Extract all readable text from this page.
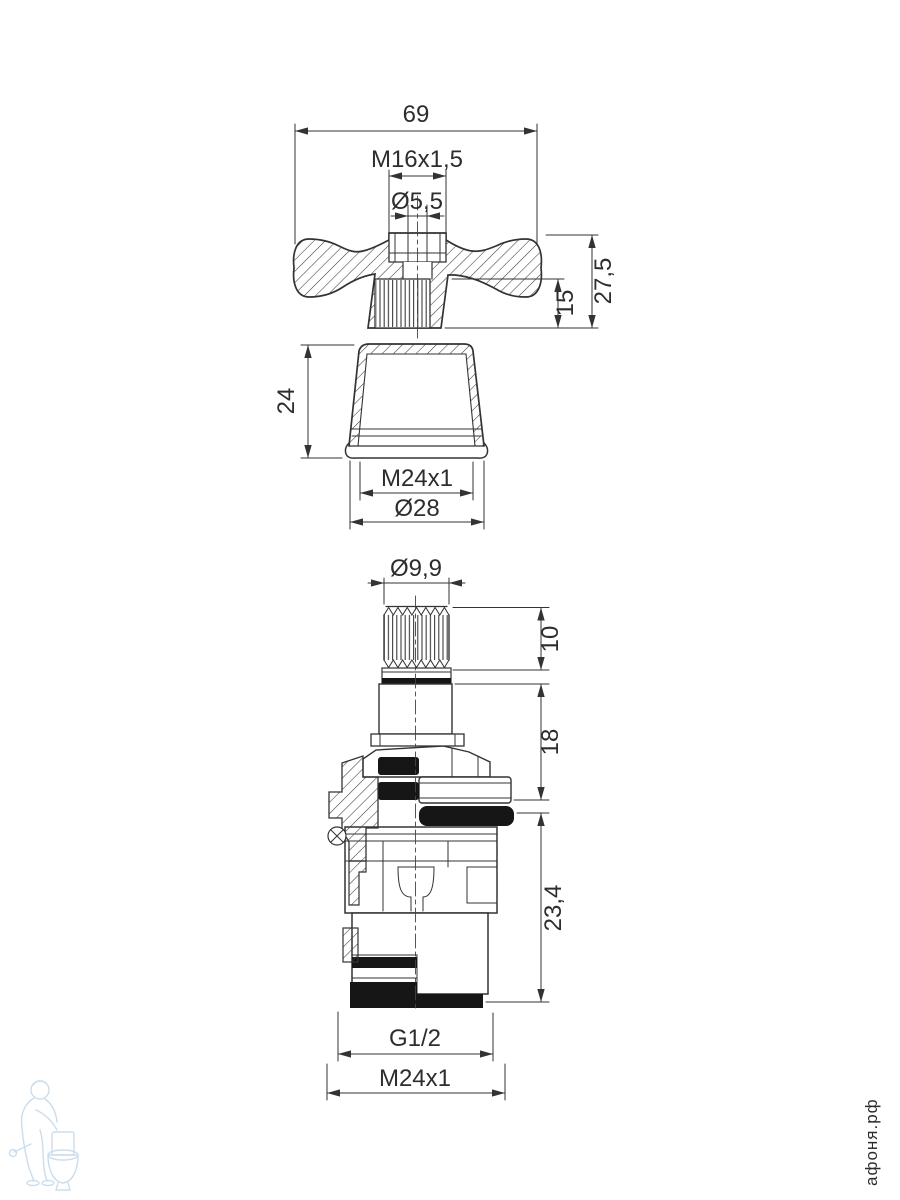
69
M16x1,5
Ø5,5
15 27,5
24
M24x1
Ø28
Ø9,9
10
18
23,4
G1/2
M24x1
афоня.рф
